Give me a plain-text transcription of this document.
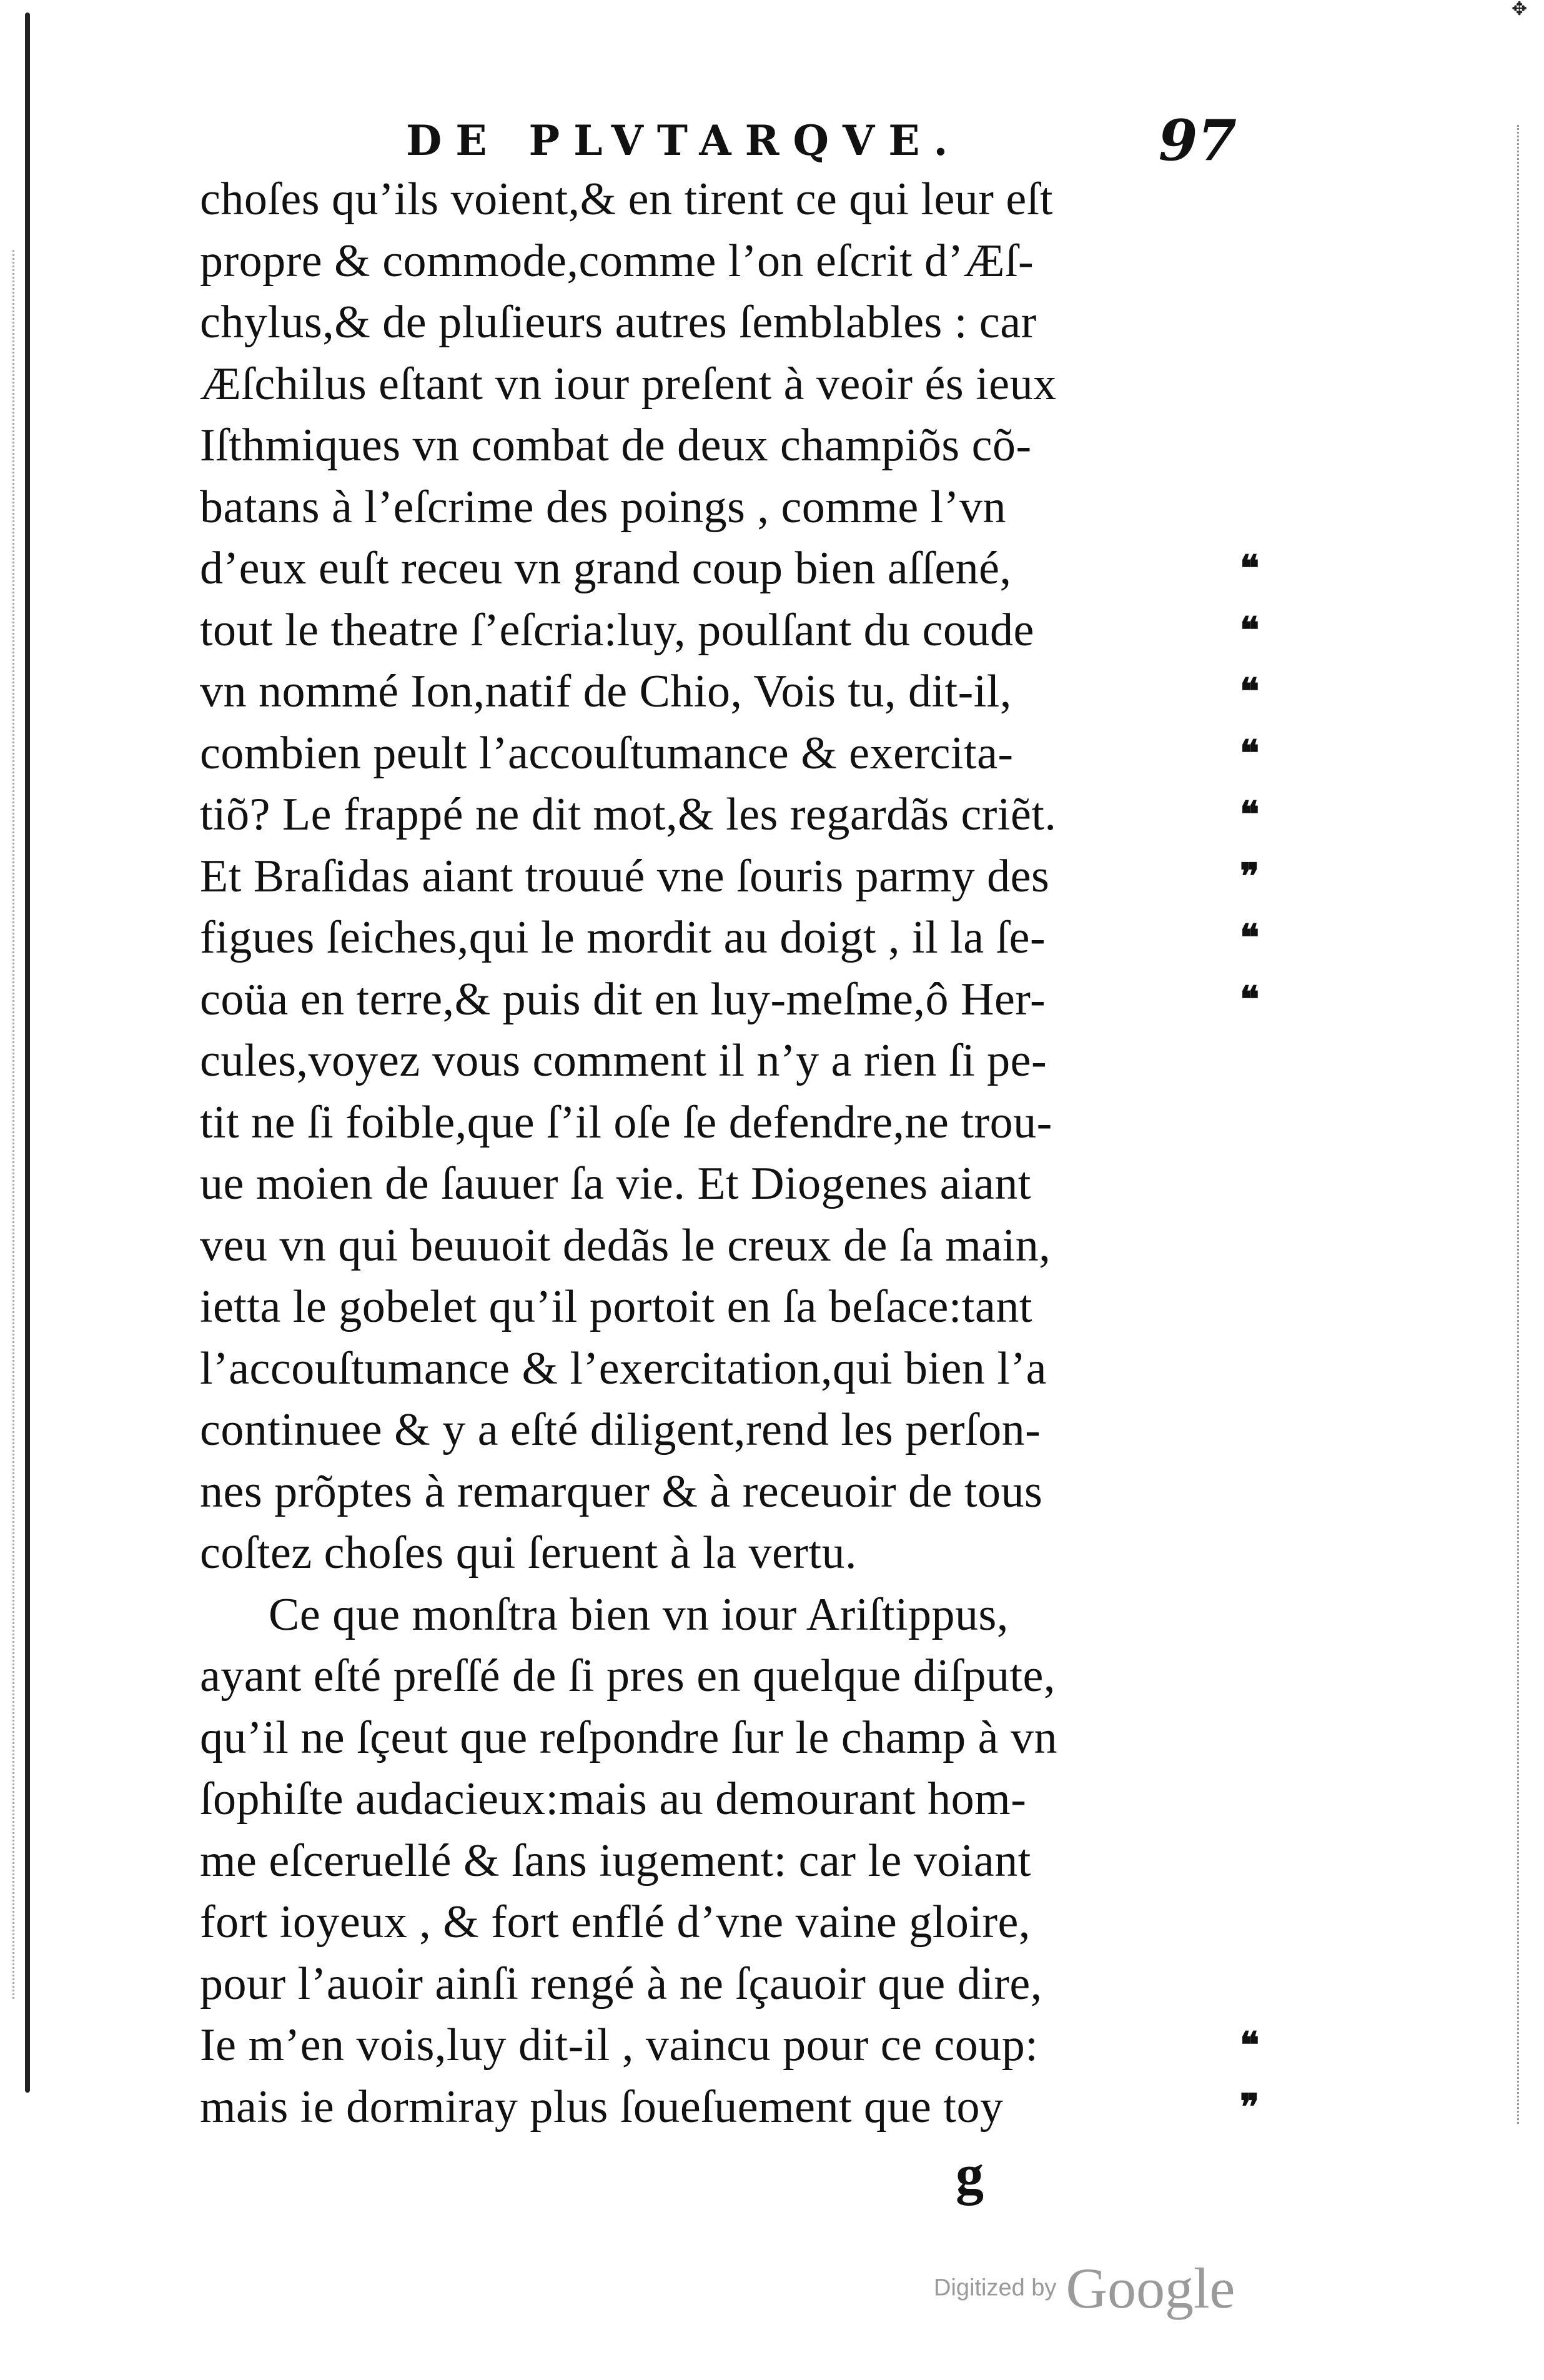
✥
DE PLVTARQVE.	97
choſes qu’ils voient,& en tirent ce qui leur eſt
propre & commode,comme l’on eſcrit d’Æſ-
chylus,& de pluſieurs autres ſemblables : car
Æſchilus eſtant vn iour preſent à veoir és ieux
Iſthmiques vn combat de deux champiõs cõ-
batans à l’eſcrime des poings , comme l’vn
d’eux euſt receu vn grand coup bien aſſené,
tout le theatre ſ’eſcria:luy, poulſant du coude
vn nommé Ion,natif de Chio, Vois tu, dit-il,
combien peult l’accouſtumance & exercita-
tiõ? Le frappé ne dit mot,& les regardãs criẽt.
Et Braſidas aiant trouué vne ſouris parmy des
figues ſeiches,qui le mordit au doigt , il la ſe-
coüa en terre,& puis dit en luy-meſme,ô Her-
cules,voyez vous comment il n’y a rien ſi pe-
tit ne ſi foible,que ſ’il oſe ſe defendre,ne trou-
ue moien de ſauuer ſa vie. Et Diogenes aiant
veu vn qui beuuoit dedãs le creux de ſa main,
ietta le gobelet qu’il portoit en ſa beſace:tant
l’accouſtumance & l’exercitation,qui bien l’a
continuee & y a eſté diligent,rend les perſon-
nes prõptes à remarquer & à receuoir de tous
coſtez choſes qui ſeruent à la vertu.
Ce que monſtra bien vn iour Ariſtippus,
ayant eſté preſſé de ſi pres en quelque diſpute,
qu’il ne ſçeut que reſpondre ſur le champ à vn
ſophiſte audacieux:mais au demourant hom-
me eſceruellé & ſans iugement: car le voiant
fort ioyeux , & fort enflé d’vne vaine gloire,
pour l’auoir ainſi rengé à ne ſçauoir que dire,
Ie m’en vois,luy dit-il , vaincu pour ce coup:
mais ie dormiray plus ſoueſuement que toy
❝
❝
❝
❝
❝
❞
❝
❝
❝
❞
g
Digitized by Google
